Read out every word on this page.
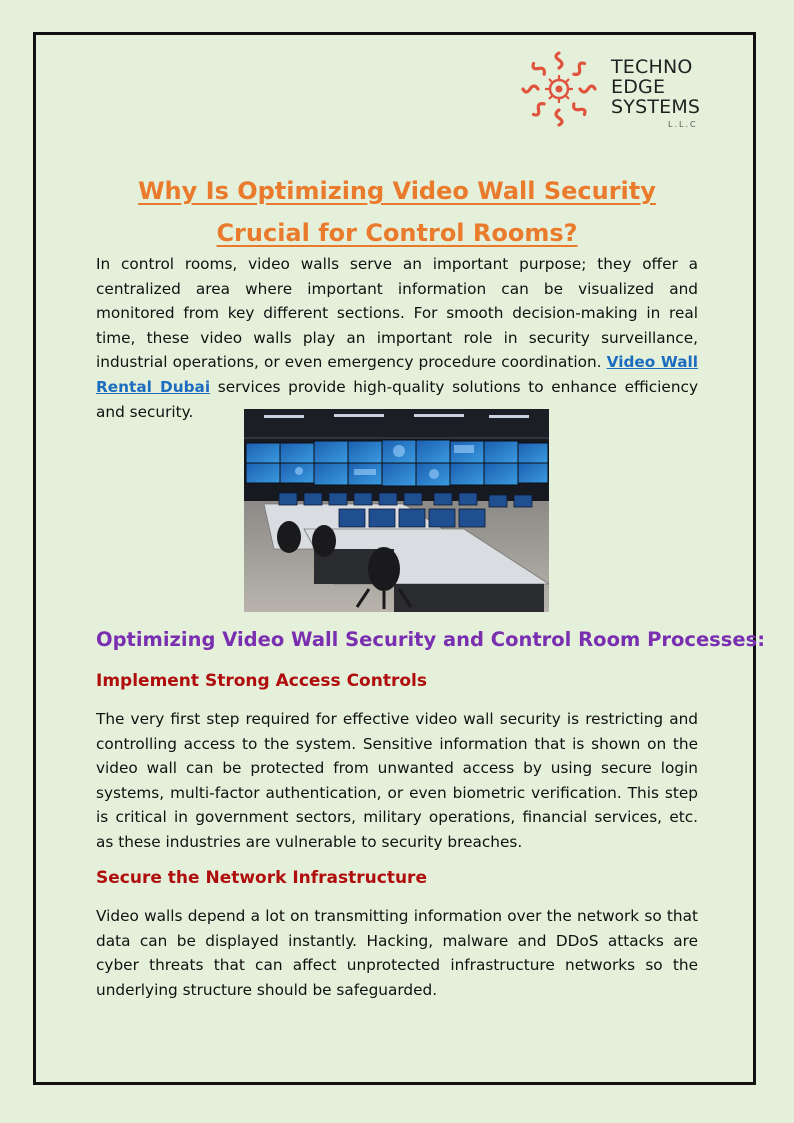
TECHNO
EDGE
SYSTEMS
L.L.C
Why Is Optimizing Video Wall Security
Crucial for Control Rooms?

In control rooms, video walls serve an important purpose; they offer a centralized area where important information can be visualized and monitored from key different sections. For smooth decision-making in real time, these video walls play an important role in security surveillance, industrial operations, or even emergency procedure coordination. Video Wall Rental Dubai services provide high-quality solutions to enhance efficiency and security.

Optimizing Video Wall Security and Control Room Processes:
Implement Strong Access Controls

The very first step required for effective video wall security is restricting and controlling access to the system. Sensitive information that is shown on the video wall can be protected from unwanted access by using secure login systems, multi-factor authentication, or even biometric verification. This step is critical in government sectors, military operations, financial services, etc. as these industries are vulnerable to security breaches.

Secure the Network Infrastructure

Video walls depend a lot on transmitting information over the network so that data can be displayed instantly. Hacking, malware and DDoS attacks are cyber threats that can affect unprotected infrastructure networks so the underlying structure should be safeguarded.
